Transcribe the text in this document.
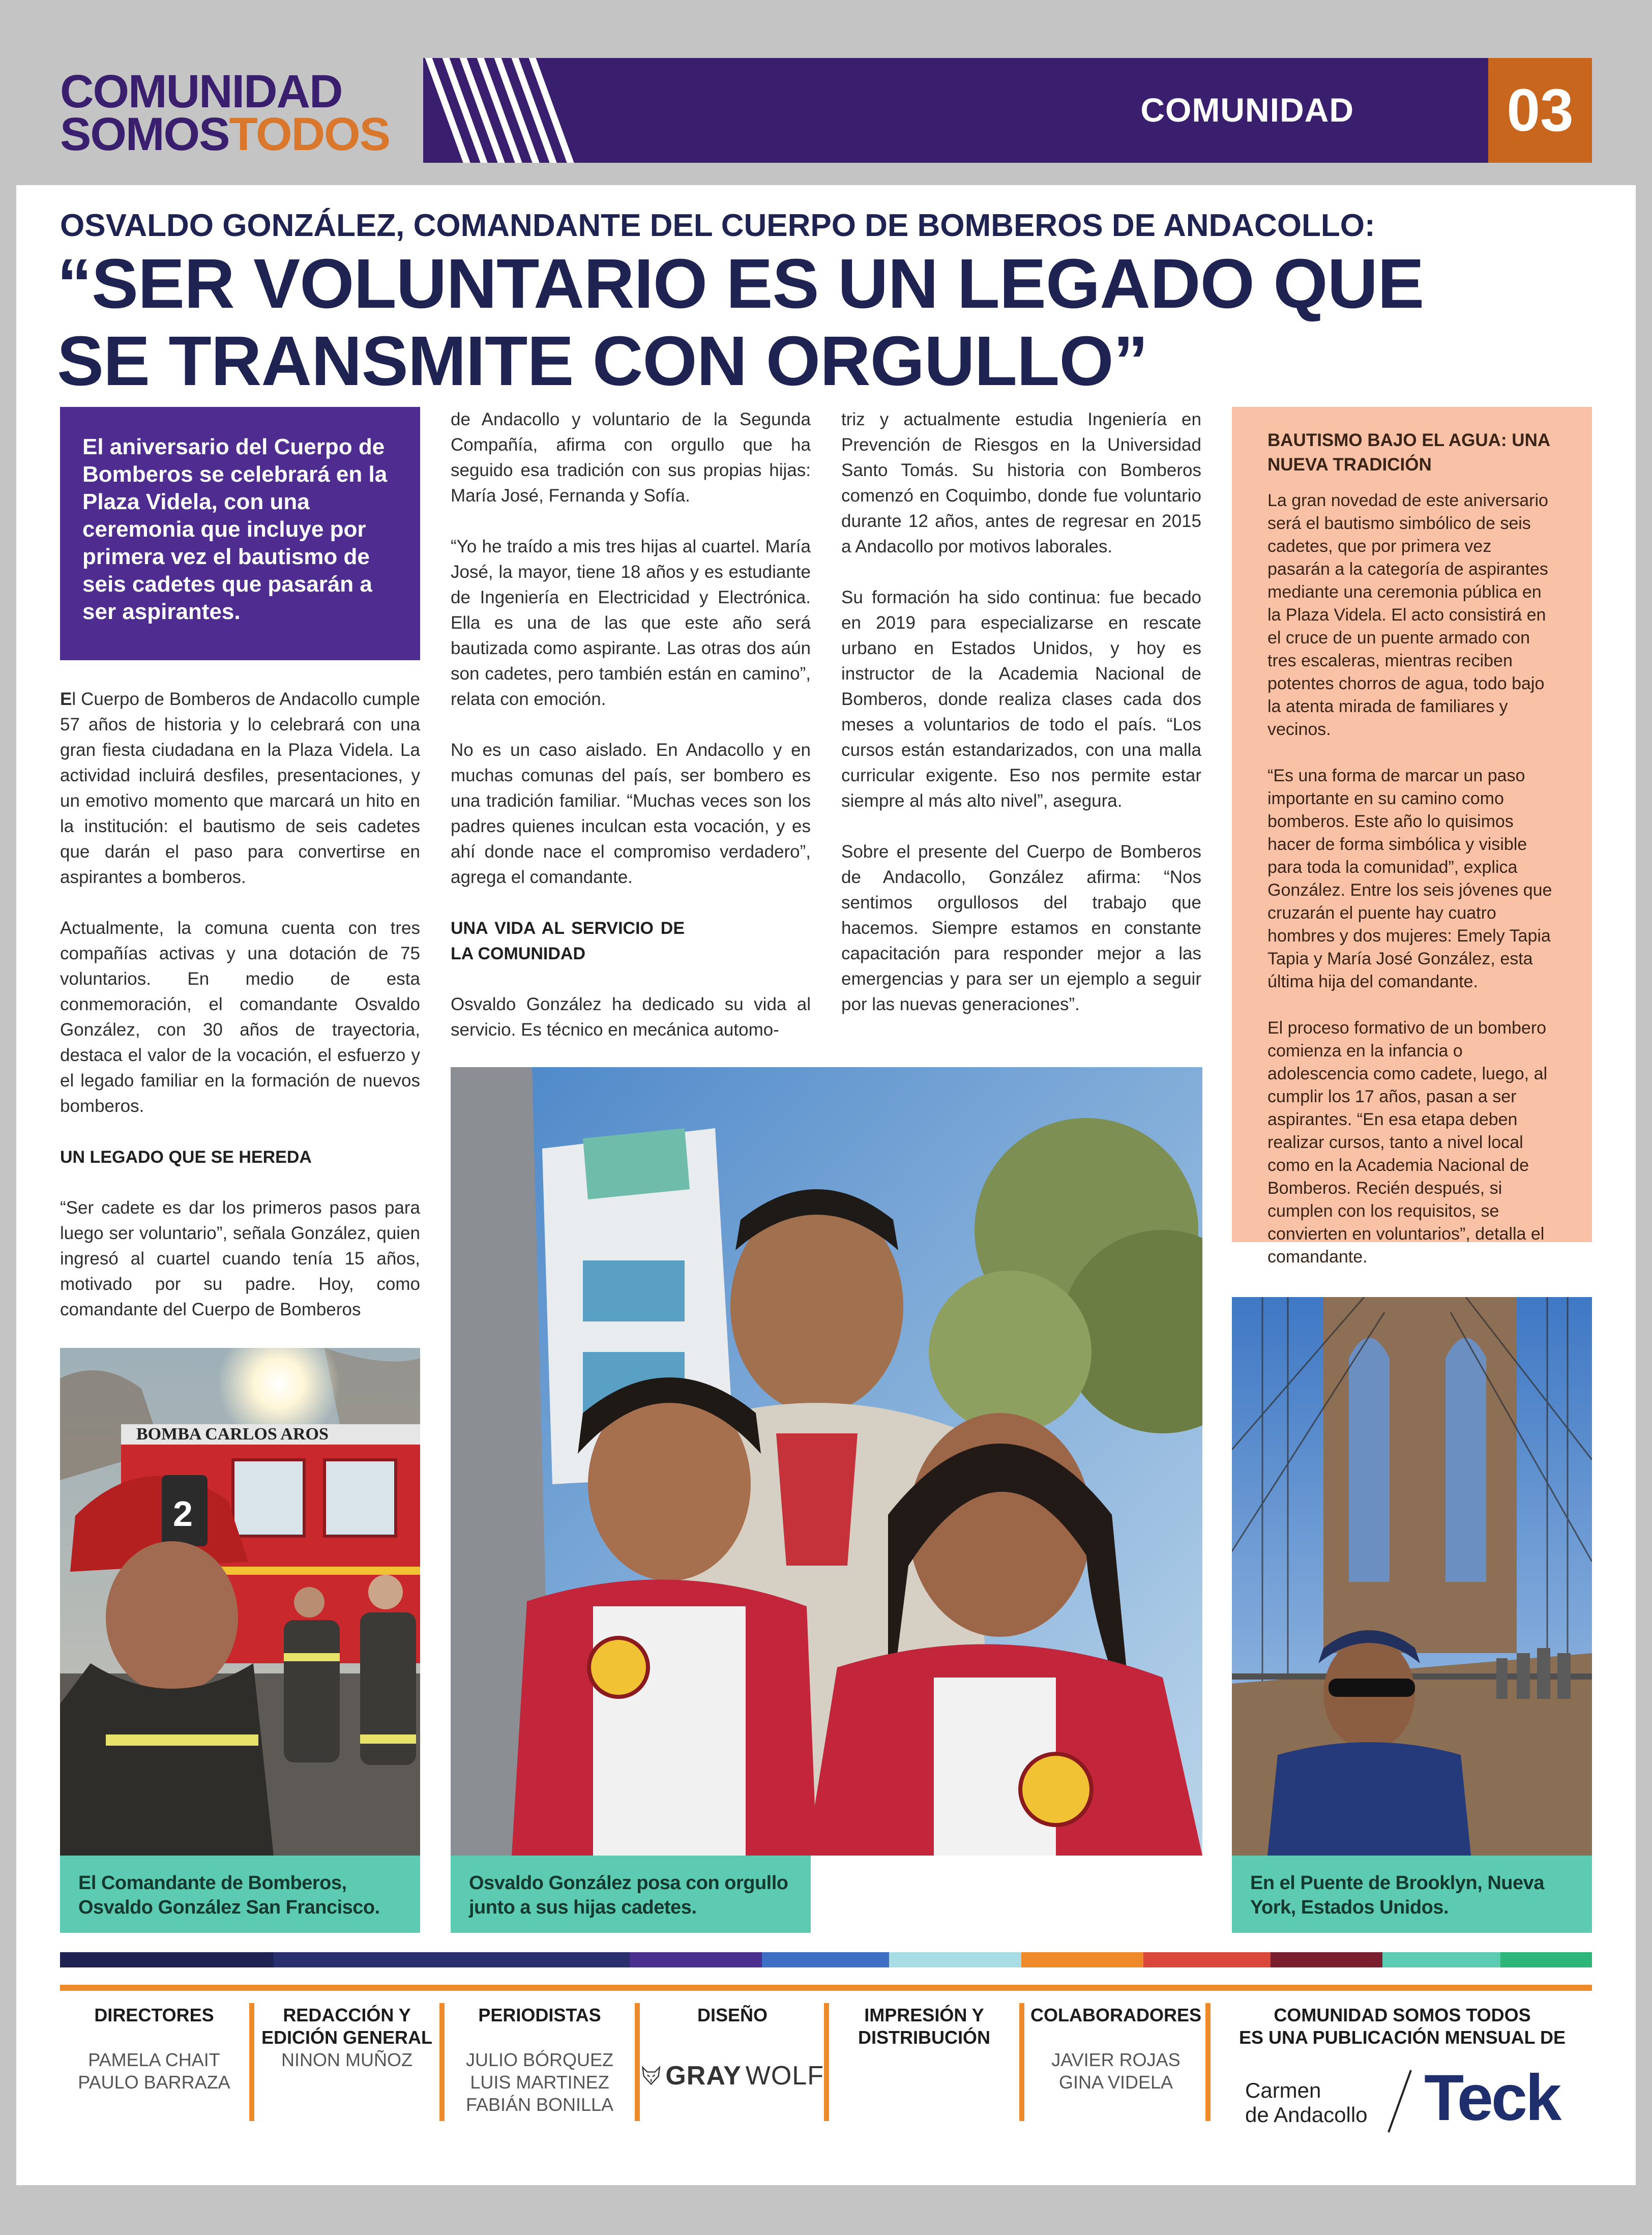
COMUNIDAD
SOMOSTODOS	COMUNIDAD	03
OSVALDO GONZÁLEZ, COMANDANTE DEL CUERPO DE BOMBEROS DE ANDACOLLO:
“SER VOLUNTARIO ES UN LEGADO QUE SE TRANSMITE CON ORGULLO”

El aniversario del Cuerpo de Bomberos se celebrará en la Plaza Videla, con una ceremonia que incluye por primera vez el bautismo de seis cadetes que pasarán a ser aspirantes.

El Cuerpo de Bomberos de Andacollo cumple 57 años de historia y lo celebrará con una gran fiesta ciudadana en la Plaza Videla. La actividad incluirá desfiles, presentaciones, y un emotivo momento que marcará un hito en la institución: el bautismo de seis cadetes que darán el paso para convertirse en aspirantes a bomberos.

Actualmente, la comuna cuenta con tres compañías activas y una dotación de 75 voluntarios. En medio de esta conmemoración, el comandante Osvaldo González, con 30 años de trayectoria, destaca el valor de la vocación, el esfuerzo y el legado familiar en la formación de nuevos bomberos.

UN LEGADO QUE SE HEREDA

“Ser cadete es dar los primeros pasos para luego ser voluntario”, señala González, quien ingresó al cuartel cuando tenía 15 años, motivado por su padre. Hoy, como comandante del Cuerpo de Bomberos

de Andacollo y voluntario de la Segunda Compañía, afirma con orgullo que ha seguido esa tradición con sus propias hijas: María José, Fernanda y Sofía.

“Yo he traído a mis tres hijas al cuartel. María José, la mayor, tiene 18 años y es estudiante de Ingeniería en Electricidad y Electrónica. Ella es una de las que este año será bautizada como aspirante. Las otras dos aún son cadetes, pero también están en camino”, relata con emoción.

No es un caso aislado. En Andacollo y en muchas comunas del país, ser bombero es una tradición familiar. “Muchas veces son los padres quienes inculcan esta vocación, y es ahí donde nace el compromiso verdadero”, agrega el comandante.

UNA VIDA AL SERVICIO DE LA COMUNIDAD

Osvaldo González ha dedicado su vida al servicio. Es técnico en mecánica automo-

triz y actualmente estudia Ingeniería en Prevención de Riesgos en la Universidad Santo Tomás. Su historia con Bomberos comenzó en Coquimbo, donde fue voluntario durante 12 años, antes de regresar en 2015 a Andacollo por motivos laborales.

Su formación ha sido continua: fue becado en 2019 para especializarse en rescate urbano en Estados Unidos, y hoy es instructor de la Academia Nacional de Bomberos, donde realiza clases cada dos meses a voluntarios de todo el país. “Los cursos están estandarizados, con una malla curricular exigente. Eso nos permite estar siempre al más alto nivel”, asegura.

Sobre el presente del Cuerpo de Bomberos de Andacollo, González afirma: “Nos sentimos orgullosos del trabajo que hacemos. Siempre estamos en constante capacitación para responder mejor a las emergencias y para ser un ejemplo a seguir por las nuevas generaciones”.

BAUTISMO BAJO EL AGUA: UNA NUEVA TRADICIÓN

La gran novedad de este aniversario será el bautismo simbólico de seis cadetes, que por primera vez pasarán a la categoría de aspirantes mediante una ceremonia pública en la Plaza Videla. El acto consistirá en el cruce de un puente armado con tres escaleras, mientras reciben potentes chorros de agua, todo bajo la atenta mirada de familiares y vecinos.

“Es una forma de marcar un paso importante en su camino como bomberos. Este año lo quisimos hacer de forma simbólica y visible para toda la comunidad”, explica González. Entre los seis jóvenes que cruzarán el puente hay cuatro hombres y dos mujeres: Emely Tapia Tapia y María José González, esta última hija del comandante.

El proceso formativo de un bombero comienza en la infancia o adolescencia como cadete, luego, al cumplir los 17 años, pasan a ser aspirantes. “En esa etapa deben realizar cursos, tanto a nivel local como en la Academia Nacional de Bomberos. Recién después, si cumplen con los requisitos, se convierten en voluntarios”, detalla el comandante.

BOMBA CARLOS AROS
2
El Comandante de Bomberos, Osvaldo González San Francisco.
Osvaldo González posa con orgullo junto a sus hijas cadetes.
En el Puente de Brooklyn, Nueva York, Estados Unidos.
DIRECTORES
PAMELA CHAIT
PAULO BARRAZA
REDACCIÓN Y
EDICIÓN GENERAL
NINON MUÑOZ
PERIODISTAS
JULIO BÓRQUEZ
LUIS MARTINEZ
FABIÁN BONILLA
DISEÑO
GRAY WOLF
IMPRESIÓN Y
DISTRIBUCIÓN
COLABORADORES
JAVIER ROJAS
GINA VIDELA
COMUNIDAD SOMOS TODOS
ES UNA PUBLICACIÓN MENSUAL DE
Carmen
de Andacollo Teck
